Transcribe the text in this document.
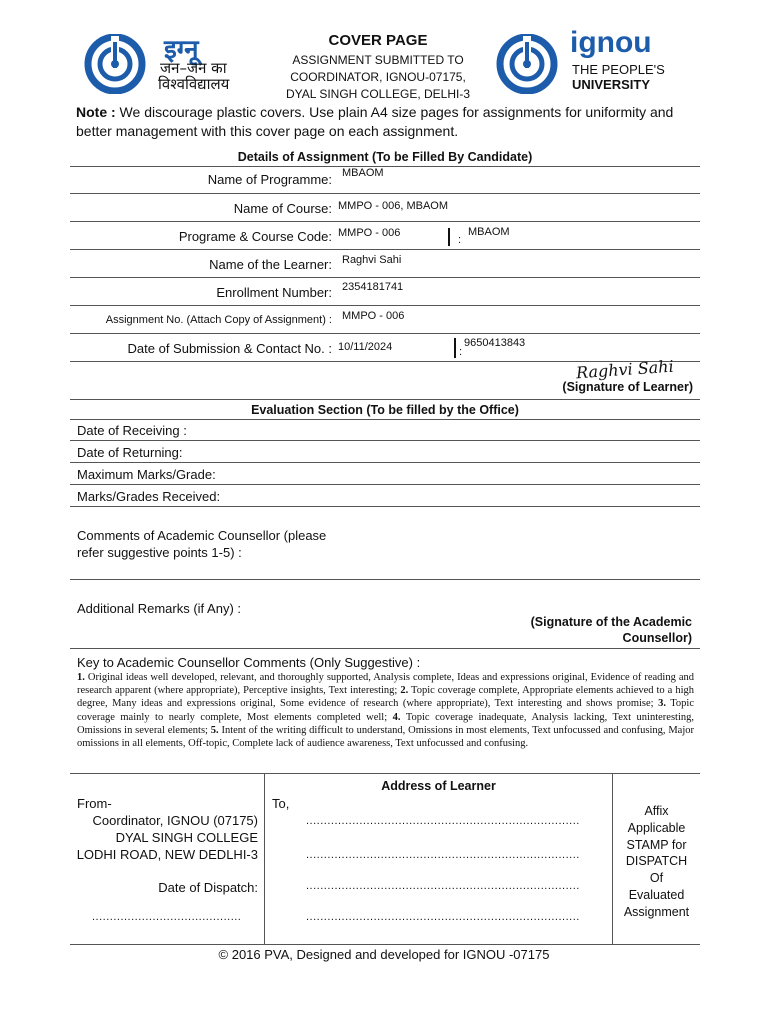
इग्नू
जन–जन का
विश्वविद्यालय
COVER PAGE
ASSIGNMENT SUBMITTED TO
COORDINATOR, IGNOU-07175,
DYAL SINGH COLLEGE, DELHI-3
ignou
THE PEOPLE'S
UNIVERSITY
Note : We discourage plastic covers. Use plain A4 size pages for assignments for uniformity and better management with this cover page on each assignment.
Details of Assignment (To be Filled By Candidate)
Name of Programme: MBAOM
Name of Course: MMPO - 006, MBAOM
Programe & Course Code: MMPO - 006
:
MBAOM
Name of the Learner: Raghvi Sahi
Enrollment Number: 2354181741
Assignment No. (Attach Copy of Assignment) : MMPO - 006
Date of Submission & Contact No. : 10/11/2024	:
9650413843
Raghvi Sahi
(Signature of Learner)
Evaluation Section (To be filled by the Office)
Date of Receiving :
Date of Returning:
Maximum Marks/Grade:
Marks/Grades Received:
Comments of Academic Counsellor (please
refer suggestive points 1-5) :
Additional Remarks (if Any) :
(Signature of the Academic
Counsellor)
Key to Academic Counsellor Comments (Only Suggestive) :
1. Original ideas well developed, relevant, and thoroughly supported, Analysis complete, Ideas and expressions original, Evidence of reading and research apparent (where appropriate), Perceptive insights, Text interesting; 2. Topic coverage complete, Appropriate elements achieved to a high degree, Many ideas and expressions original, Some evidence of research (where appropriate), Text interesting and shows promise; 3. Topic coverage mainly to nearly complete, Most elements completed well; 4. Topic coverage inadequate, Analysis lacking, Text uninteresting, Omissions in several elements; 5. Intent of the writing difficult to understand, Omissions in most elements, Text unfocussed and confusing, Major omissions in all elements, Off-topic, Complete lack of audience awareness, Text unfocussed and confusing.
Address of Learner
From-
Coordinator, IGNOU (07175)
DYAL SINGH COLLEGE
LODHI ROAD, NEW DEDLHI-3
Date of Dispatch:
..........................................
To,
.............................................................................
.............................................................................
.............................................................................
.............................................................................
Affix
Applicable
STAMP for
DISPATCH
Of
Evaluated
Assignment
© 2016 PVA, Designed and developed for IGNOU -07175
